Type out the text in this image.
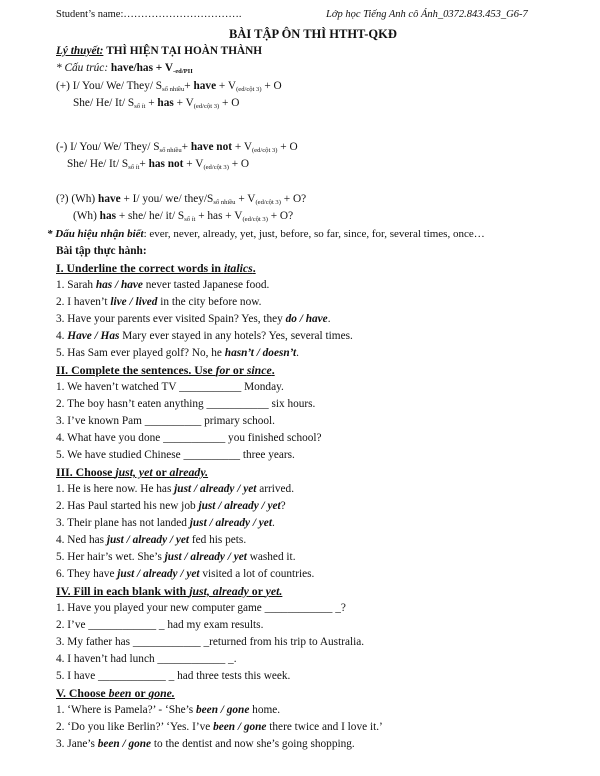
Student’s name:…………………………….	Lớp học Tiếng Anh cô Ánh_0372.843.453_G6-7
BÀI TẬP ÔN THÌ HTHT-QKĐ
Lý thuyết: THÌ HIỆN TẠI HOÀN THÀNH
* Cấu trúc: have/has + $V_{-ed/PII}$
(+) I/ You/ We/ They/ $S_{số nhiều}+$ have + $V_{(ed/cột 3)} + O$
She/ He/ It/ $S_{số ít}$ + has + $V_{(ed/cột 3)} + O$
(-) I/ You/ We/ They/ $S_{số nhiều}+$ have not + $V_{(ed/cột 3)} + O$
She/ He/ It/ $S_{số ít}+$ has not + $V_{(ed/cột 3)} + O$
(?) (Wh) have + I/ you/ we/ they/$S_{số nhiều} + V_{(ed/cột 3)} + O$?
(Wh) has + she/ he/ it/ $S_{số ít}$ + has + $V_{(ed/cột 3)} + O$?
* Dấu hiệu nhận biết: ever, never, already, yet, just, before, so far, since, for, several times, once…
Bài tập thực hành:
I. Underline the correct words in italics.
1. Sarah has / have never tasted Japanese food.
2. I haven’t live / lived in the city before now.
3. Have your parents ever visited Spain? Yes, they do / have.
4. Have / Has Mary ever stayed in any hotels? Yes, several times.
5. Has Sam ever played golf? No, he hasn’t / doesn’t.
II. Complete the sentences. Use for or since.
1. We haven’t watched TV ___________ Monday.
2. The boy hasn’t eaten anything ___________ six hours.
3. I’ve known Pam __________ primary school.
4. What have you done ___________ you finished school?
5. We have studied Chinese __________ three years.
III. Choose just, yet or already.
1. He is here now. He has just / already / yet arrived.
2. Has Paul started his new job just / already / yet?
3. Their plane has not landed just / already / yet.
4. Ned has just / already / yet fed his pets.
5. Her hair’s wet. She’s just / already / yet washed it.
6. They have just / already / yet visited a lot of countries.
IV. Fill in each blank with just, already or yet.
1. Have you played your new computer game ____________ _?
2. I’ve ____________ _ had my exam results.
3. My father has ____________ _returned from his trip to Australia.
4. I haven’t had lunch ____________ _.
5. I have ____________ _ had three tests this week.
V. Choose been or gone.
1. ‘Where is Pamela?’ - ‘She’s been / gone home.
2. ‘Do you like Berlin?’ ‘Yes. I’ve been / gone there twice and I love it.’
3. Jane’s been / gone to the dentist and now she’s going shopping.
